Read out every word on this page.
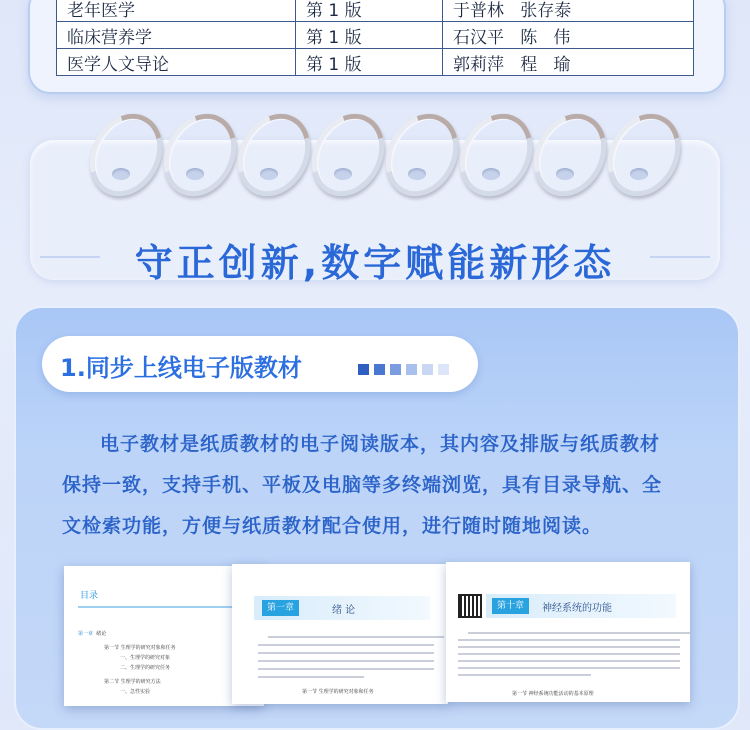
老年医学	第 1 版	于普林   张存泰
临床营养学	第 1 版	石汉平   陈   伟
医学人文导论	第 1 版	郭莉萍   程   瑜
守正创新,数字赋能新形态
1.同步上线电子版教材

电子教材是纸质教材的电子阅读版本，其内容及排版与纸质教材

保持一致，支持手机、平板及电脑等多终端浏览，具有目录导航、全

文检索功能，方便与纸质教材配合使用，进行随时随地阅读。

目录
第一章 绪论
第一节 生理学的研究对象和任务
一、生理学的研究对象
二、生理学的研究任务
第二节 生理学的研究方法
一、急性实验
第一章	绪 论
第一节 生理学的研究对象和任务
第十章	神经系统的功能
第一节 神经系统功能活动的基本原理
